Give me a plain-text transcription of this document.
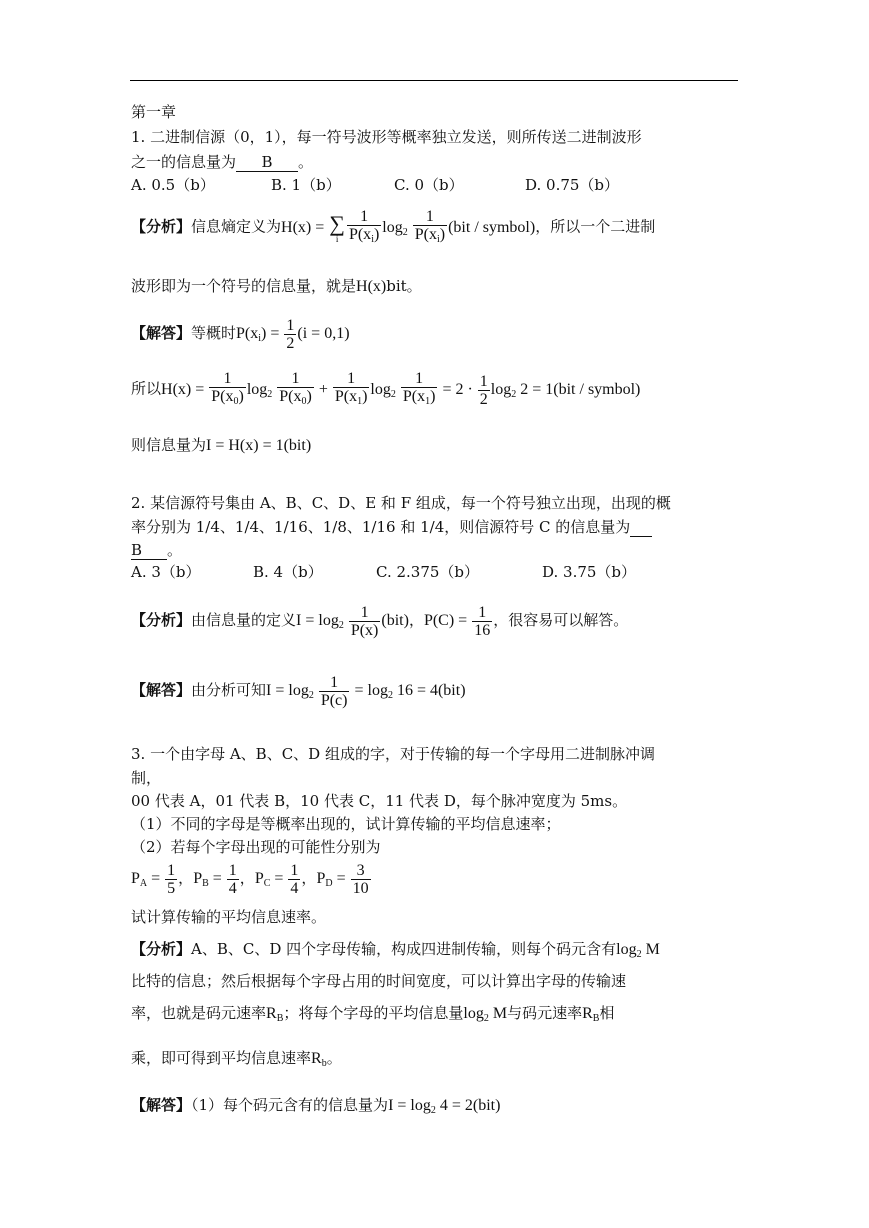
第一章
1. 二进制信源（0，1），每一符号波形等概率独立发送，则所传送二进制波形
之一的信息量为 B 。
A. 0.5（b）	B. 1（b）	C. 0（b）	D. 0.75（b）
【分析】信息熵定义为H(x) = ∑
i $\frac{1}{P(x_i)} \log_2 \frac{1}{P(x_i)} (bit$ / symbol)，所以一个二进制
波形即为一个符号的信息量，就是H(x)bit。
【解答】等概时$P(x_i) = \frac{1}{2} (i = 0,1)$
所以$H(x) = \frac{1}{P(x_0)} \log_2 \frac{1}{P(x_0)} + \frac{1}{P(x_1)} \log_2 \frac{1}{P(x_1)} = 2 \cdot \frac{1}{2} \log_2 2 = 1(bit$ / symbol)
则信息量为I = H(x) = 1(bit)
2. 某信源符号集由 A、B、C、D、E 和 F 组成，每一个符号独立出现，出现的概
率分别为 1/4、1/4、1/16、1/8、1/16 和 1/4，则信源符号 C 的信息量为
B 。
A. 3（b）	B. 4（b）	C. 2.375（b）	D. 3.75（b）
【分析】由信息量的定义$I = \log_2 \frac{1}{P(x)} (bit)$，$P(C) = \frac{1}{16}$ ，很容易可以解答。
【解答】由分析可知$I = \log_2 \frac{1}{P(c)} = \log_2 16 = 4(bit)$
3. 一个由字母 A、B、C、D 组成的字，对于传输的每一个字母用二进制脉冲调
制，
00 代表 A，01 代表 B，10 代表 C，11 代表 D，每个脉冲宽度为 5ms。
（1）不同的字母是等概率出现的，试计算传输的平均信息速率；
（2）若每个字母出现的可能性分别为
$P_A = \frac{1}{5}$ ，$P_B = \frac{1}{4}$ ，$P_C = \frac{1}{4}$ ，$P_D = \frac{3}{10}$
试计算传输的平均信息速率。
【分析】A、B、C、D 四个字母传输，构成四进制传输，则每个码元含有$\log_2 M$
比特的信息；然后根据每个字母占用的时间宽度，可以计算出字母的传输速
率，也就是码元速率$R_B$；将每个字母的平均信息量$\log_2 M$与码元速率$R_B$相
乘，即可得到平均信息速率$R_b$。
【解答】（1）每个码元含有的信息量为$I = \log_2 4 = 2(bit)$
